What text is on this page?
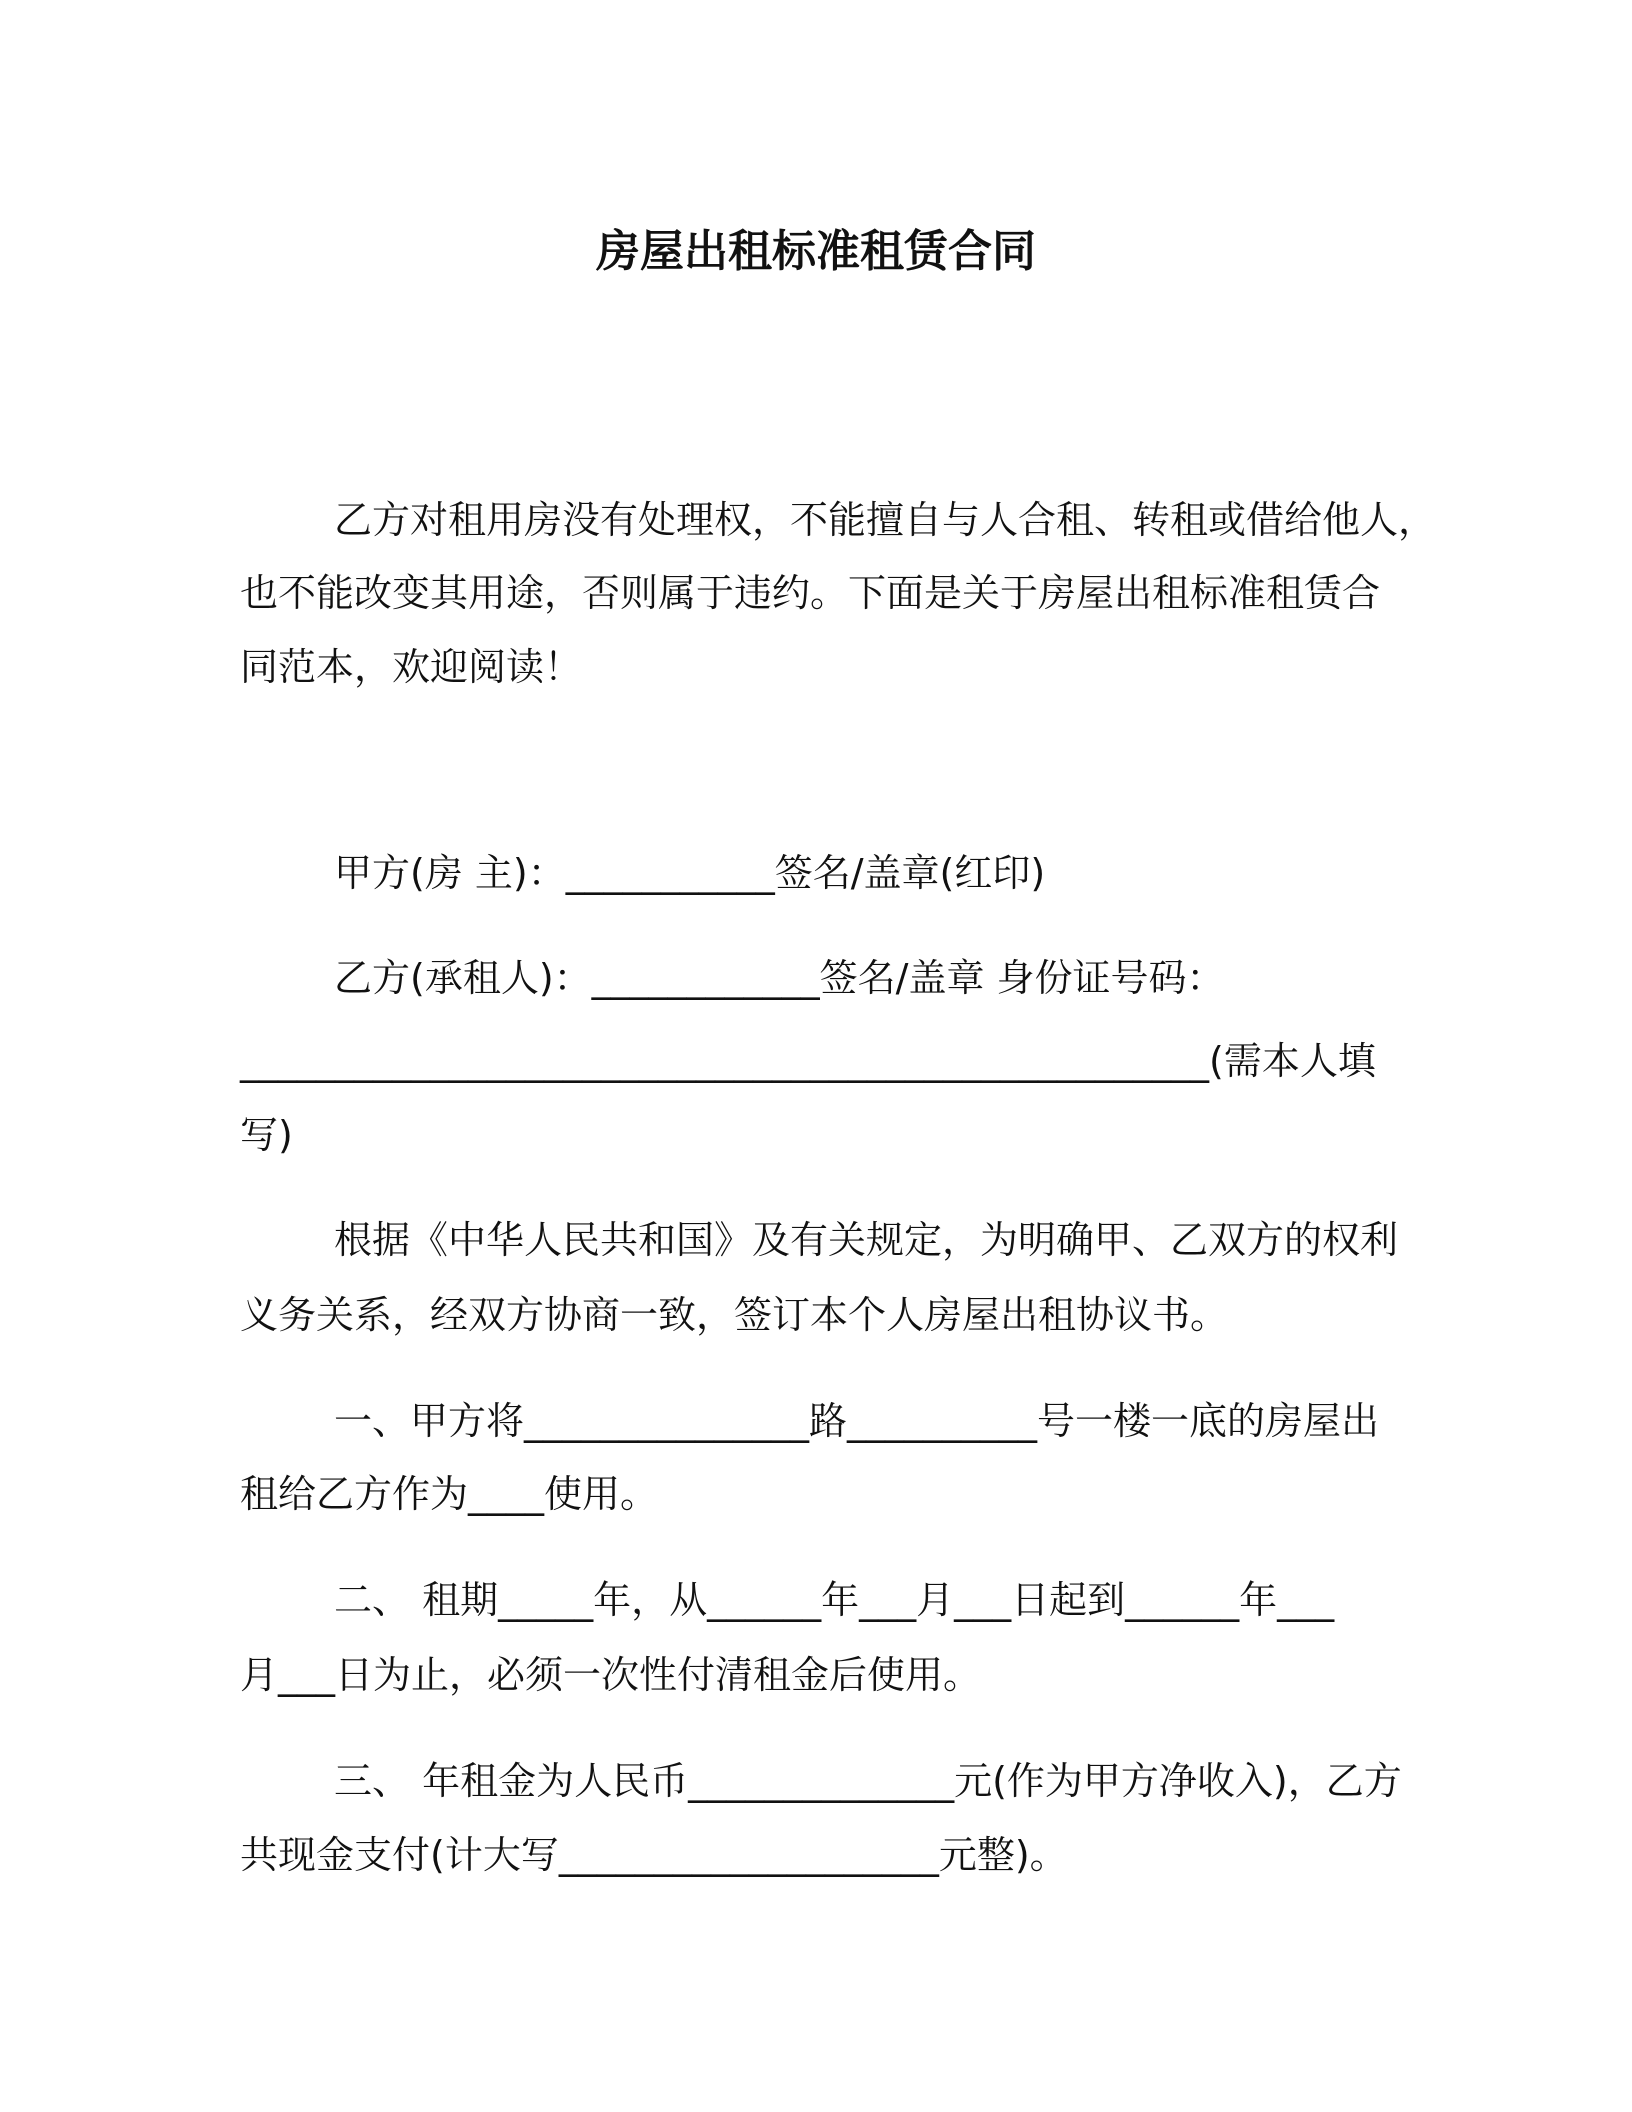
房屋出租标准租赁合同
乙方对租用房没有处理权，不能擅自与人合租、转租或借给他人，
也不能改变其用途，否则属于违约。下面是关于房屋出租标准租赁合
同范本，欢迎阅读！
甲方(房 主)：___________签名/盖章(红印)
乙方(承租人)：____________签名/盖章 身份证号码：
___________________________________________________(需本人填
写)
根据《中华人民共和国》及有关规定，为明确甲、乙双方的权利
义务关系，经双方协商一致，签订本个人房屋出租协议书。
一、甲方将_______________路__________号一楼一底的房屋出
租给乙方作为____使用。
二、 租期_____年，从______年___月___日起到______年___
月___日为止，必须一次性付清租金后使用。
三、 年租金为人民币______________元(作为甲方净收入)，乙方
共现金支付(计大写____________________元整)。
